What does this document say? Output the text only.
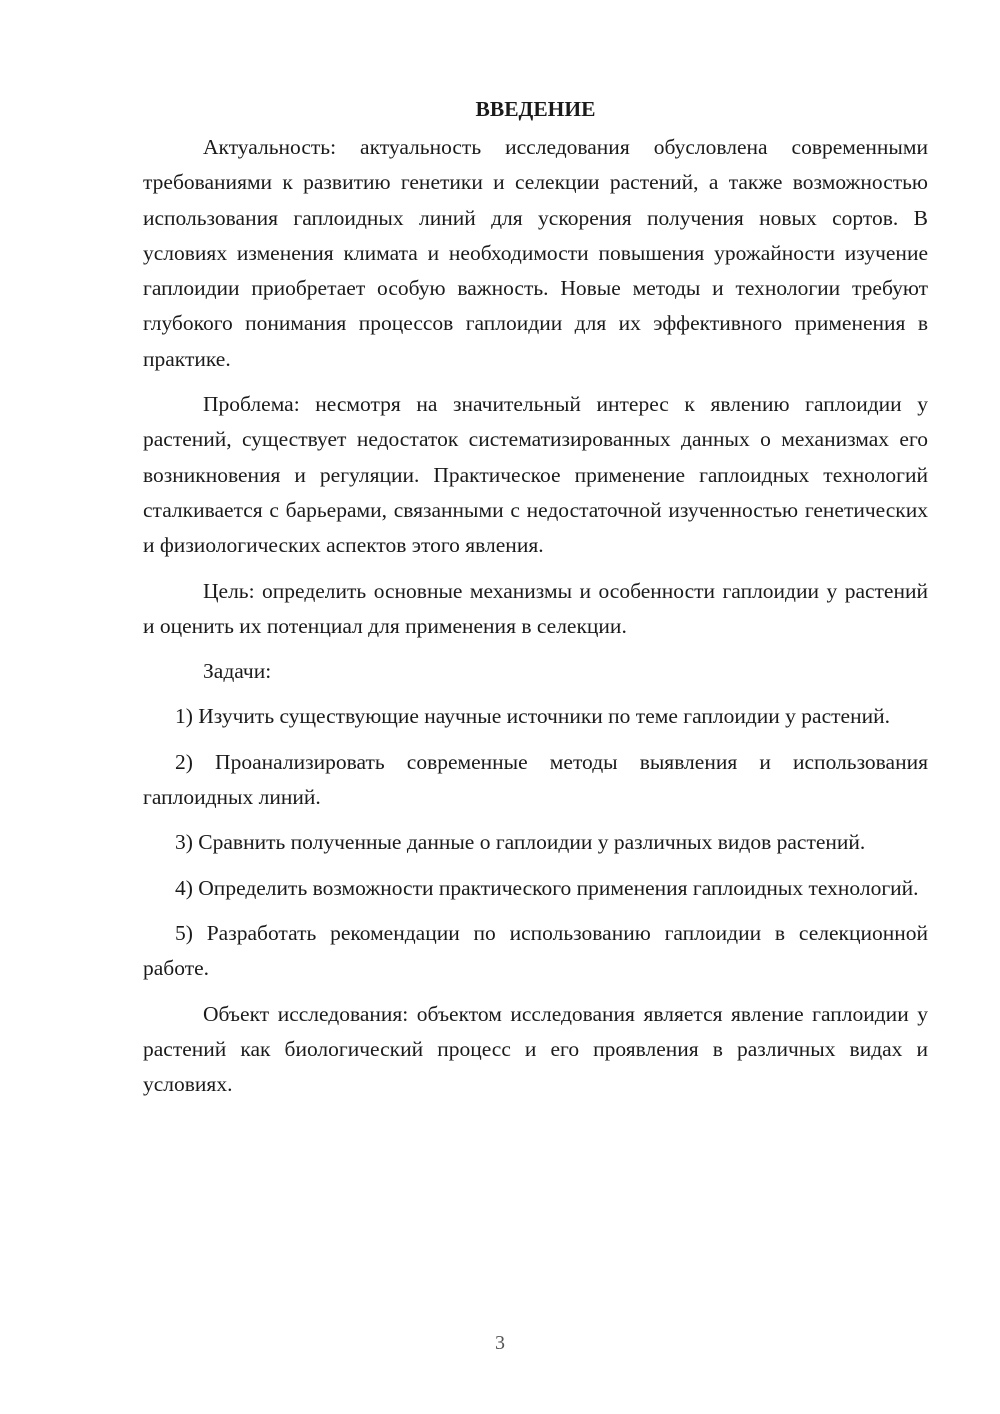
ВВЕДЕНИЕ

Актуальность: актуальность исследования обусловлена современными требованиями к развитию генетики и селекции растений, а также возможностью использования гаплоидных линий для ускорения получения новых сортов. В условиях изменения климата и необходимости повышения урожайности изучение гаплоидии приобретает особую важность. Новые методы и технологии требуют глубокого понимания процессов гаплоидии для их эффективного применения в практике.

Проблема: несмотря на значительный интерес к явлению гаплоидии у растений, существует недостаток систематизированных данных о механизмах его возникновения и регуляции. Практическое применение гаплоидных технологий сталкивается с барьерами, связанными с недостаточной изученностью генетических и физиологических аспектов этого явления.

Цель: определить основные механизмы и особенности гаплоидии у растений и оценить их потенциал для применения в селекции.

Задачи:

1) Изучить существующие научные источники по теме гаплоидии у растений.

2) Проанализировать современные методы выявления и использования гаплоидных линий.

3) Сравнить полученные данные о гаплоидии у различных видов растений.

4) Определить возможности практического применения гаплоидных технологий.

5) Разработать рекомендации по использованию гаплоидии в селекционной работе.

Объект исследования: объектом исследования является явление гаплоидии у растений как биологический процесс и его проявления в различных видах и условиях.

3
